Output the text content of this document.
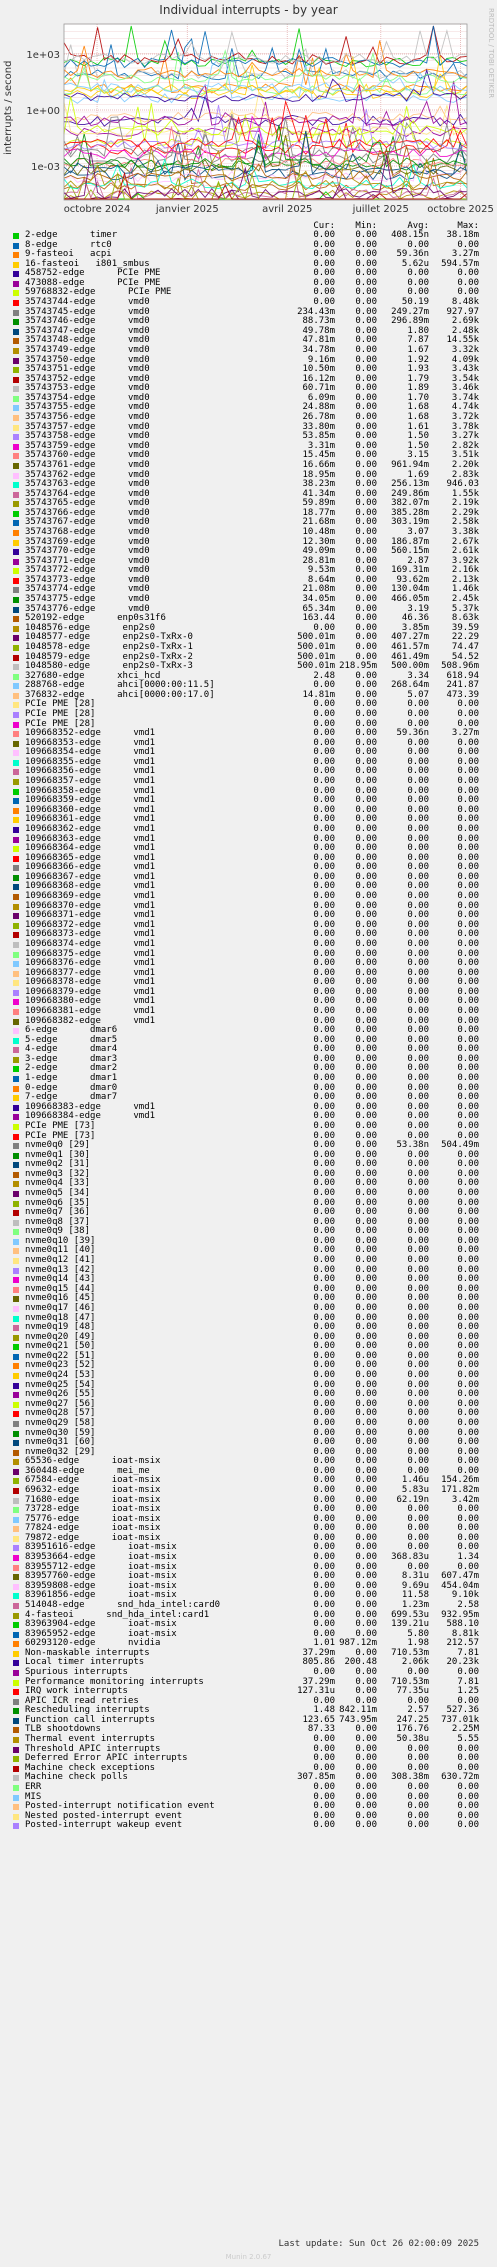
Individual interrupts - by year	RRDTOOL / TOBI OETIKER
interrupts / second
1e+03
1e+00
1e-03
octobre 2024	janvier 2025	avril 2025	juillet 2025 octobre 2025
Cur: Min:	Avg:	Max:
2-edge      timer	0.00 0.00 408.15n 38.18m
8-edge      rtc0	0.00 0.00	0.00	0.00
9-fasteoi   acpi	0.00 0.00 59.36n	3.27m
16-fasteoi   i801_smbus	0.00 0.00	5.62u 594.57m
458752-edge      PCIe PME	0.00 0.00	0.00	0.00
473088-edge      PCIe PME	0.00 0.00	0.00	0.00
59768832-edge      PCIe PME	0.00 0.00	0.00	0.00
35743744-edge      vmd0	0.00 0.00	50.19	8.48k
35743745-edge      vmd0	234.43m 0.00 249.27m 927.97
35743746-edge      vmd0	88.73m 0.00 296.89m	2.69k
35743747-edge      vmd0	49.78m 0.00	1.80	2.48k
35743748-edge      vmd0	47.81m 0.00	7.87 14.55k
35743749-edge      vmd0	34.78m 0.00	1.67	3.32k
35743750-edge      vmd0	9.16m 0.00	1.92	4.09k
35743751-edge      vmd0	10.50m 0.00	1.93	3.43k
35743752-edge      vmd0	16.12m 0.00	1.79	3.54k
35743753-edge      vmd0	60.71m 0.00	1.89	3.46k
35743754-edge      vmd0	6.09m 0.00	1.70	3.74k
35743755-edge      vmd0	24.88m 0.00	1.68	4.74k
35743756-edge      vmd0	26.78m 0.00	1.68	3.72k
35743757-edge      vmd0	33.80m 0.00	1.61	3.78k
35743758-edge      vmd0	53.85m 0.00	1.50	3.27k
35743759-edge      vmd0	3.31m 0.00	1.50	2.82k
35743760-edge      vmd0	15.45m 0.00	3.15	3.51k
35743761-edge      vmd0	16.66m 0.00 961.94m	2.20k
35743762-edge      vmd0	18.95m 0.00	1.69	2.83k
35743763-edge      vmd0	38.23m 0.00 256.13m 946.03
35743764-edge      vmd0	41.34m 0.00 249.86m	1.55k
35743765-edge      vmd0	59.89m 0.00 382.07m	2.19k
35743766-edge      vmd0	18.77m 0.00 385.28m	2.29k
35743767-edge      vmd0	21.68m 0.00 303.19m	2.58k
35743768-edge      vmd0	10.48m 0.00	3.07	3.38k
35743769-edge      vmd0	12.30m 0.00 186.87m	2.67k
35743770-edge      vmd0	49.09m 0.00 560.15m	2.61k
35743771-edge      vmd0	28.81m 0.00	2.87	3.92k
35743772-edge      vmd0	9.53m 0.00 169.31m	2.16k
35743773-edge      vmd0	8.64m 0.00 93.62m	2.13k
35743774-edge      vmd0	21.08m 0.00 130.04m	1.46k
35743775-edge      vmd0	34.05m 0.00 466.05m	2.45k
35743776-edge      vmd0	65.34m 0.00	3.19	5.37k
520192-edge      enp0s31f6	163.44 0.00	46.36	8.63k
1048576-edge      enp2s0	0.00 0.00	3.85m	39.59
1048577-edge      enp2s0-TxRx-0	500.01m 0.00 407.27m	22.29
1048578-edge      enp2s0-TxRx-1	500.01m 0.00 461.57m	74.47
1048579-edge      enp2s0-TxRx-2	500.01m 0.00 461.49m	54.52
1048580-edge      enp2s0-TxRx-3	500.01m 218.95m 500.00m 508.96m
327680-edge      xhci_hcd	2.48 0.00	3.34 618.94
288768-edge      ahci[0000:00:11.5]	0.00 0.00 268.64m 241.87
376832-edge      ahci[0000:00:17.0]	14.81m 0.00	5.07 473.39
PCIe PME [28]	0.00 0.00	0.00	0.00
PCIe PME [28]	0.00 0.00	0.00	0.00
PCIe PME [28]	0.00 0.00	0.00	0.00
109668352-edge      vmd1	0.00 0.00 59.36n	3.27m
109668353-edge      vmd1	0.00 0.00	0.00	0.00
109668354-edge      vmd1	0.00 0.00	0.00	0.00
109668355-edge      vmd1	0.00 0.00	0.00	0.00
109668356-edge      vmd1	0.00 0.00	0.00	0.00
109668357-edge      vmd1	0.00 0.00	0.00	0.00
109668358-edge      vmd1	0.00 0.00	0.00	0.00
109668359-edge      vmd1	0.00 0.00	0.00	0.00
109668360-edge      vmd1	0.00 0.00	0.00	0.00
109668361-edge      vmd1	0.00 0.00	0.00	0.00
109668362-edge      vmd1	0.00 0.00	0.00	0.00
109668363-edge      vmd1	0.00 0.00	0.00	0.00
109668364-edge      vmd1	0.00 0.00	0.00	0.00
109668365-edge      vmd1	0.00 0.00	0.00	0.00
109668366-edge      vmd1	0.00 0.00	0.00	0.00
109668367-edge      vmd1	0.00 0.00	0.00	0.00
109668368-edge      vmd1	0.00 0.00	0.00	0.00
109668369-edge      vmd1	0.00 0.00	0.00	0.00
109668370-edge      vmd1	0.00 0.00	0.00	0.00
109668371-edge      vmd1	0.00 0.00	0.00	0.00
109668372-edge      vmd1	0.00 0.00	0.00	0.00
109668373-edge      vmd1	0.00 0.00	0.00	0.00
109668374-edge      vmd1	0.00 0.00	0.00	0.00
109668375-edge      vmd1	0.00 0.00	0.00	0.00
109668376-edge      vmd1	0.00 0.00	0.00	0.00
109668377-edge      vmd1	0.00 0.00	0.00	0.00
109668378-edge      vmd1	0.00 0.00	0.00	0.00
109668379-edge      vmd1	0.00 0.00	0.00	0.00
109668380-edge      vmd1	0.00 0.00	0.00	0.00
109668381-edge      vmd1	0.00 0.00	0.00	0.00
109668382-edge      vmd1	0.00 0.00	0.00	0.00
6-edge      dmar6	0.00 0.00	0.00	0.00
5-edge      dmar5	0.00 0.00	0.00	0.00
4-edge      dmar4	0.00 0.00	0.00	0.00
3-edge      dmar3	0.00 0.00	0.00	0.00
2-edge      dmar2	0.00 0.00	0.00	0.00
1-edge      dmar1	0.00 0.00	0.00	0.00
0-edge      dmar0	0.00 0.00	0.00	0.00
7-edge      dmar7	0.00 0.00	0.00	0.00
109668383-edge      vmd1	0.00 0.00	0.00	0.00
109668384-edge      vmd1	0.00 0.00	0.00	0.00
PCIe PME [73]	0.00 0.00	0.00	0.00
PCIe PME [73]	0.00 0.00	0.00	0.00
nvme0q0 [29]	0.00 0.00 53.38n 504.49m
nvme0q1 [30]	0.00 0.00	0.00	0.00
nvme0q2 [31]	0.00 0.00	0.00	0.00
nvme0q3 [32]	0.00 0.00	0.00	0.00
nvme0q4 [33]	0.00 0.00	0.00	0.00
nvme0q5 [34]	0.00 0.00	0.00	0.00
nvme0q6 [35]	0.00 0.00	0.00	0.00
nvme0q7 [36]	0.00 0.00	0.00	0.00
nvme0q8 [37]	0.00 0.00	0.00	0.00
nvme0q9 [38]	0.00 0.00	0.00	0.00
nvme0q10 [39]	0.00 0.00	0.00	0.00
nvme0q11 [40]	0.00 0.00	0.00	0.00
nvme0q12 [41]	0.00 0.00	0.00	0.00
nvme0q13 [42]	0.00 0.00	0.00	0.00
nvme0q14 [43]	0.00 0.00	0.00	0.00
nvme0q15 [44]	0.00 0.00	0.00	0.00
nvme0q16 [45]	0.00 0.00	0.00	0.00
nvme0q17 [46]	0.00 0.00	0.00	0.00
nvme0q18 [47]	0.00 0.00	0.00	0.00
nvme0q19 [48]	0.00 0.00	0.00	0.00
nvme0q20 [49]	0.00 0.00	0.00	0.00
nvme0q21 [50]	0.00 0.00	0.00	0.00
nvme0q22 [51]	0.00 0.00	0.00	0.00
nvme0q23 [52]	0.00 0.00	0.00	0.00
nvme0q24 [53]	0.00 0.00	0.00	0.00
nvme0q25 [54]	0.00 0.00	0.00	0.00
nvme0q26 [55]	0.00 0.00	0.00	0.00
nvme0q27 [56]	0.00 0.00	0.00	0.00
nvme0q28 [57]	0.00 0.00	0.00	0.00
nvme0q29 [58]	0.00 0.00	0.00	0.00
nvme0q30 [59]	0.00 0.00	0.00	0.00
nvme0q31 [60]	0.00 0.00	0.00	0.00
nvme0q32 [29]	0.00 0.00	0.00	0.00
65536-edge      ioat-msix	0.00 0.00	0.00	0.00
360448-edge      mei_me	0.00 0.00	0.00	0.00
67584-edge      ioat-msix	0.00 0.00	1.46u 154.26m
69632-edge      ioat-msix	0.00 0.00	5.83u 171.82m
71680-edge      ioat-msix	0.00 0.00 62.19n	3.42m
73728-edge      ioat-msix	0.00 0.00	0.00	0.00
75776-edge      ioat-msix	0.00 0.00	0.00	0.00
77824-edge      ioat-msix	0.00 0.00	0.00	0.00
79872-edge      ioat-msix	0.00 0.00	0.00	0.00
83951616-edge      ioat-msix	0.00 0.00	0.00	0.00
83953664-edge      ioat-msix	0.00 0.00 368.83u	1.34
83955712-edge      ioat-msix	0.00 0.00	0.00	0.00
83957760-edge      ioat-msix	0.00 0.00	8.31u 607.47m
83959808-edge      ioat-msix	0.00 0.00	9.69u 454.04m
83961856-edge      ioat-msix	0.00 0.00	11.58	9.10k
514048-edge      snd_hda_intel:card0	0.00 0.00	1.23m	2.58
4-fasteoi      snd_hda_intel:card1	0.00 0.00 699.53u 932.95m
83963904-edge      ioat-msix	0.00 0.00 139.21u 588.10
83965952-edge      ioat-msix	0.00 0.00	5.80	8.81k
60293120-edge      nvidia	1.01 987.12m	1.98 212.57
Non-maskable interrupts	37.29m 0.00 710.53m	7.81
Local timer interrupts	805.86 200.48	2.06k 20.23k
Spurious interrupts	0.00 0.00	0.00	0.00
Performance monitoring interrupts	37.29m 0.00 710.53m	7.81
IRQ work interrupts	127.31u 0.00 77.35u	1.25
APIC ICR read retries	0.00 0.00	0.00	0.00
Rescheduling interrupts	1.48 842.11m	2.57 527.36
Function call interrupts	123.65 743.95m 247.25 737.01k
TLB shootdowns	87.33 0.00 176.76	2.25M
Thermal event interrupts	0.00 0.00 50.38u	5.55
Threshold APIC interrupts	0.00 0.00	0.00	0.00
Deferred Error APIC interrupts	0.00 0.00	0.00	0.00
Machine check exceptions	0.00 0.00	0.00	0.00
Machine check polls	307.85m 0.00 308.38m 630.72m
ERR	0.00 0.00	0.00	0.00
MIS	0.00 0.00	0.00	0.00
Posted-interrupt notification event	0.00 0.00	0.00	0.00
Nested posted-interrupt event	0.00 0.00	0.00	0.00
Posted-interrupt wakeup event	0.00 0.00	0.00	0.00
Last update: Sun Oct 26 02:00:09 2025
Munin 2.0.67
